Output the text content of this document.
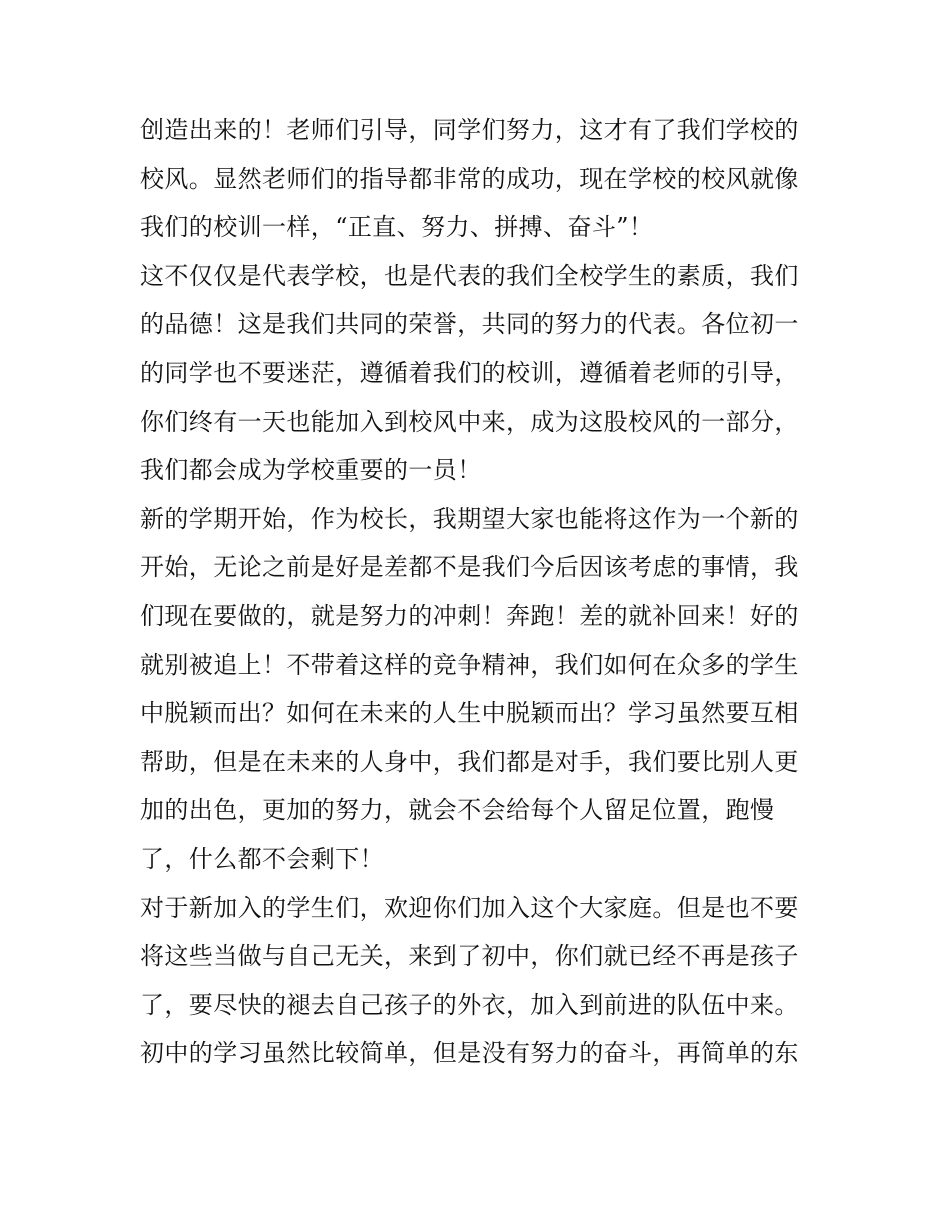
创造出来的！老师们引导，同学们努力，这才有了我们学校的
校风。显然老师们的指导都非常的成功，现在学校的校风就像
我们的校训一样，“正直、努力、拼搏、奋斗”！
这不仅仅是代表学校，也是代表的我们全校学生的素质，我们
的品德！这是我们共同的荣誉，共同的努力的代表。各位初一
的同学也不要迷茫，遵循着我们的校训，遵循着老师的引导，
你们终有一天也能加入到校风中来，成为这股校风的一部分，
我们都会成为学校重要的一员！
新的学期开始，作为校长，我期望大家也能将这作为一个新的
开始，无论之前是好是差都不是我们今后因该考虑的事情，我
们现在要做的，就是努力的冲刺！奔跑！差的就补回来！好的
就别被追上！不带着这样的竞争精神，我们如何在众多的学生
中脱颖而出？如何在未来的人生中脱颖而出？学习虽然要互相
帮助，但是在未来的人身中，我们都是对手，我们要比别人更
加的出色，更加的努力，就会不会给每个人留足位置，跑慢
了，什么都不会剩下！
对于新加入的学生们，欢迎你们加入这个大家庭。但是也不要
将这些当做与自己无关，来到了初中，你们就已经不再是孩子
了，要尽快的褪去自己孩子的外衣，加入到前进的队伍中来。
初中的学习虽然比较简单，但是没有努力的奋斗，再简单的东
